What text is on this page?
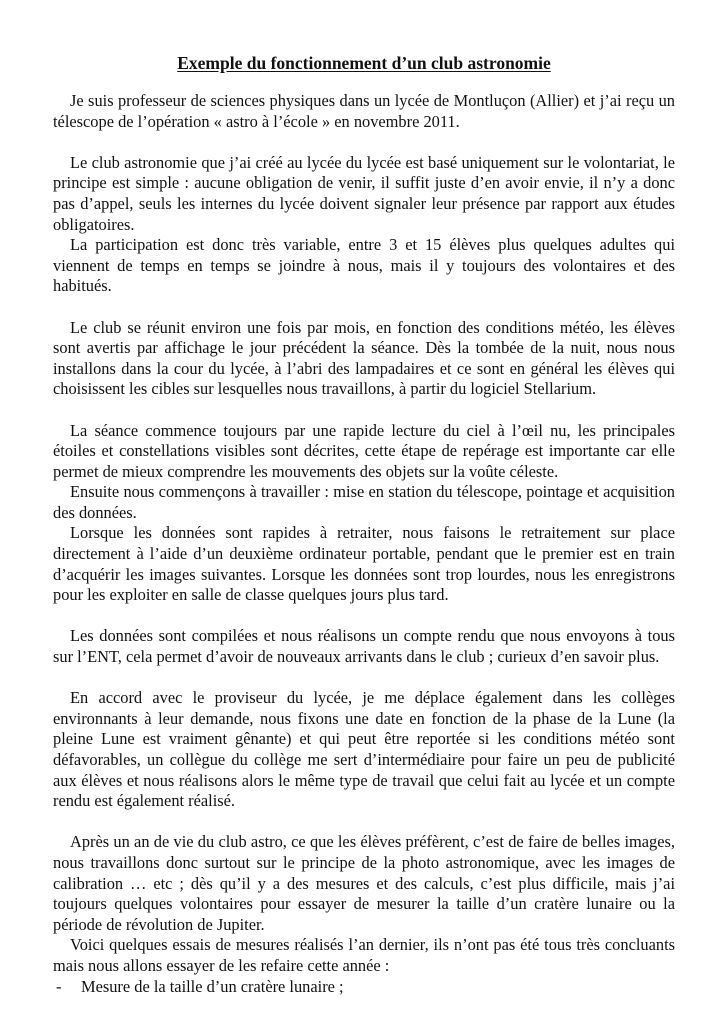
Exemple du fonctionnement d’un club astronomie

Je suis professeur de sciences physiques dans un lycée de Montluçon (Allier) et j’ai reçu un télescope de l’opération « astro à l’école » en novembre 2011.

Le club astronomie que j’ai créé au lycée du lycée est basé uniquement sur le volontariat, le principe est simple : aucune obligation de venir, il suffit juste d’en avoir envie, il n’y a donc pas d’appel, seuls les internes du lycée doivent signaler leur présence par rapport aux études obligatoires.

La participation est donc très variable, entre 3 et 15 élèves plus quelques adultes qui viennent de temps en temps se joindre à nous, mais il y toujours des volontaires et des habitués.

Le club se réunit environ une fois par mois, en fonction des conditions météo, les élèves sont avertis par affichage le jour précédent la séance. Dès la tombée de la nuit, nous nous installons dans la cour du lycée, à l’abri des lampadaires et ce sont en général les élèves qui choisissent les cibles sur lesquelles nous travaillons, à partir du logiciel Stellarium.

La séance commence toujours par une rapide lecture du ciel à l’œil nu, les principales étoiles et constellations visibles sont décrites, cette étape de repérage est importante car elle permet de mieux comprendre les mouvements des objets sur la voûte céleste.

Ensuite nous commençons à travailler : mise en station du télescope, pointage et acquisition des données.

Lorsque les données sont rapides à retraiter, nous faisons le retraitement sur place directement à l’aide d’un deuxième ordinateur portable, pendant que le premier est en train d’acquérir les images suivantes. Lorsque les données sont trop lourdes, nous les enregistrons pour les exploiter en salle de classe quelques jours plus tard.

Les données sont compilées et nous réalisons un compte rendu que nous envoyons à tous sur l’ENT, cela permet d’avoir de nouveaux arrivants dans le club ; curieux d’en savoir plus.

En accord avec le proviseur du lycée, je me déplace également dans les collèges environnants à leur demande, nous fixons une date en fonction de la phase de la Lune (la pleine Lune est vraiment gênante) et qui peut être reportée si les conditions météo sont défavorables, un collègue du collège me sert d’intermédiaire pour faire un peu de publicité aux élèves et nous réalisons alors le même type de travail que celui fait au lycée et un compte rendu est également réalisé.

Après un an de vie du club astro, ce que les élèves préfèrent, c’est de faire de belles images, nous travaillons donc surtout sur le principe de la photo astronomique, avec les images de calibration … etc ; dès qu’il y a des mesures et des calculs, c’est plus difficile, mais j’ai toujours quelques volontaires pour essayer de mesurer la taille d’un cratère lunaire ou la période de révolution de Jupiter.

Voici quelques essais de mesures réalisés l’an dernier, ils n’ont pas été tous très concluants mais nous allons essayer de les refaire cette année :

-	Mesure de la taille d’un cratère lunaire ;
